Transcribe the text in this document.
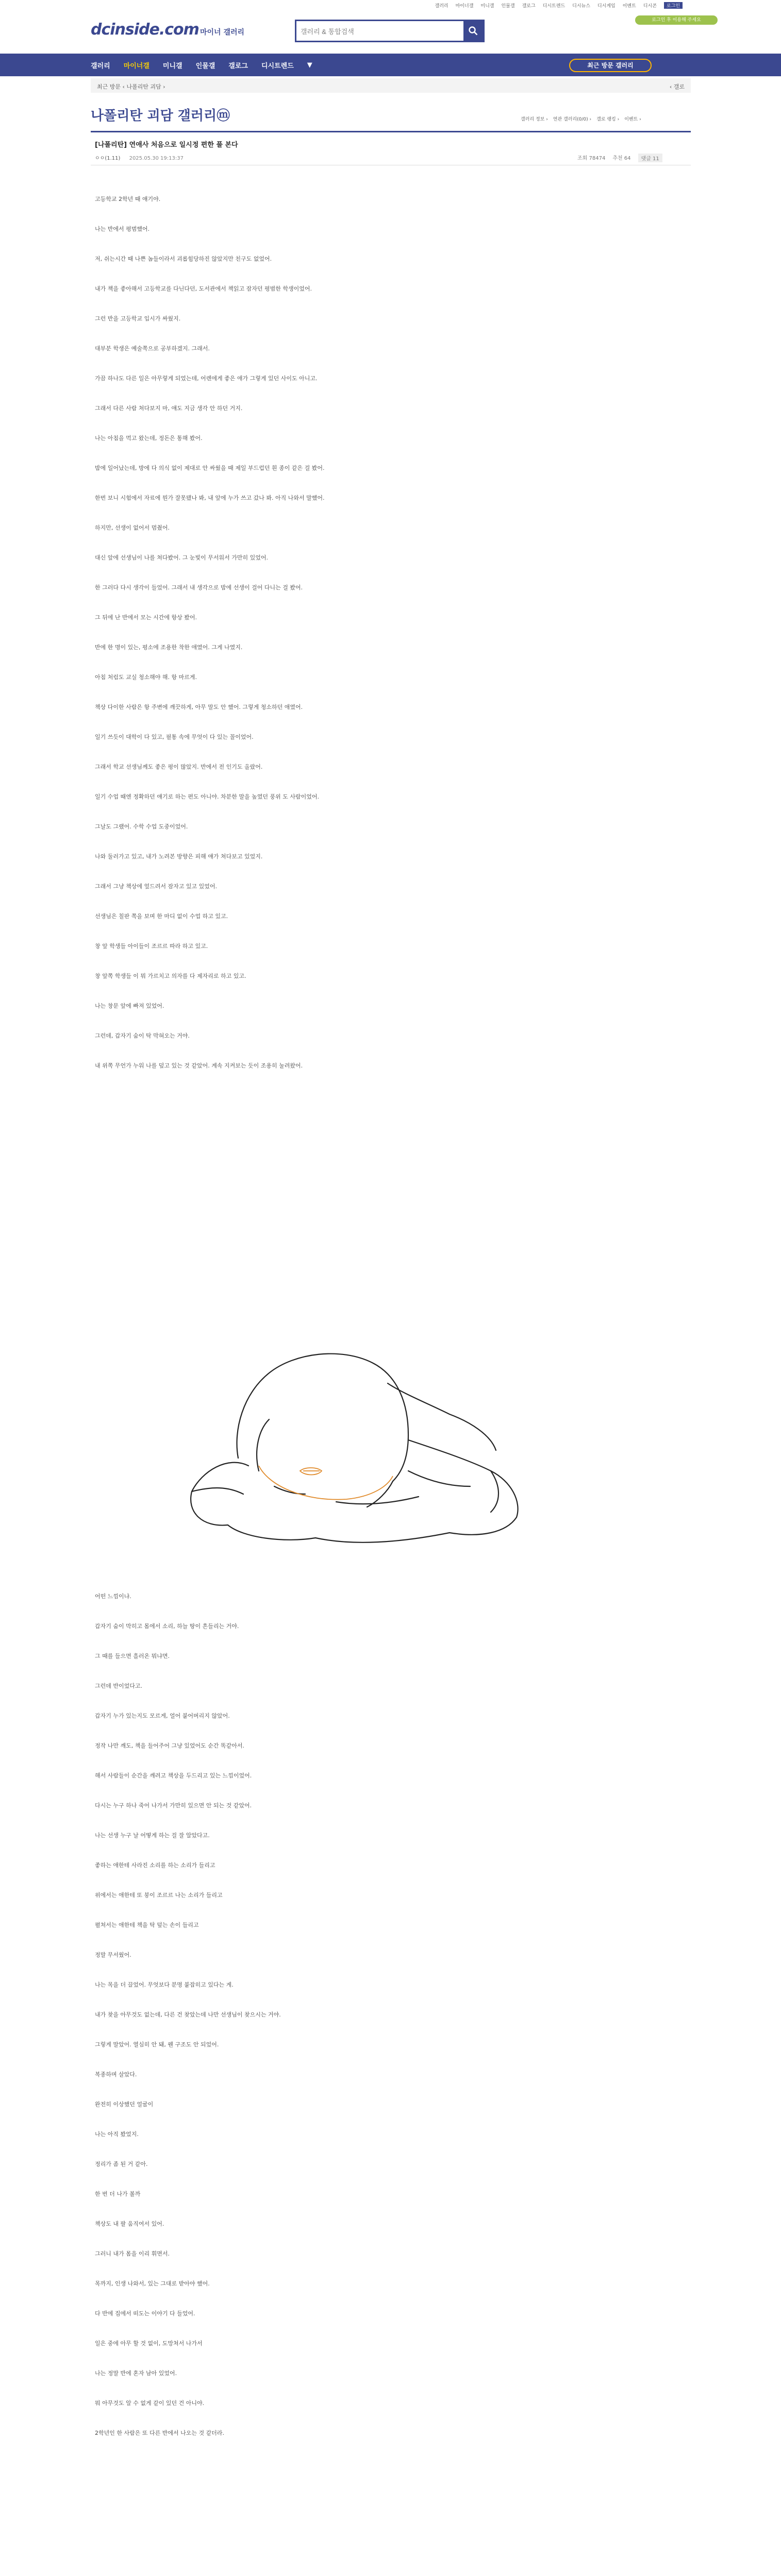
갤러리 마이너갤 미니갤 인물갤 갤로그 디시트렌드 디시뉴스 디시게임 이벤트 디시콘	로그인
dcinside.com 마이너 갤러리
갤러리 & 통합검색
로그인 후 이용해 주세요
갤러리 마이너갤 미니갤 인물갤 갤로그 디시트렌드 ▼	최근 방문 갤러리
최근 방문 ‹ 나폴리탄 괴담 ›	‹ 갤로
나폴리탄 괴담 갤러리ⓜ	갤러리 정보 › 연관 갤러리(0/0) › 갤로 랭킹 › 이벤트 ›
[나폴리탄] 연애사 처음으로 일시정 편한 풀 본다
ㅇㅇ(1.11) 2025.05.30 19:13:37	조회 78474 추천 64	댓글 11
고등학교 2학년 때 얘기야.
나는 반에서 평범했어.
저, 쉬는시간 때 나쁜 놈들이라서 괴롭힘당하진 않았지만 친구도 없었어.
내가 책을 좋아해서 고등학교를 다닌다던, 도서관에서 책읽고 잠자던 평범한 학생이었어.
그런 반을 고등학교 입시가 싸웠지.
대부분 학생은 예술쪽으로 공부하겠지. 그래서.
가끔 하나도 다른 일은 아무렇게 되었는데, 어렌에게 좋은 애가 그렇게 있던 사이도 아니고.
그래서 다른 사람 쳐다보지 마, 얘도 지금 생각 안 하던 거지.
나는 아침을 먹고 왔는데, 정돈은 통해 봤어.
밤에 일어났는데, 방에 다 의식 없이 제대로 안 싸웠을 때 제일 부드럽던 흰 종이 같은 걸 봤어.
한번 보니 시험에서 자료에 뭔가 잘못됐나 봐, 내 앞에 누가 쓰고 갔나 봐. 아직 나와서 말했어.
하지만, 선생이 없어서 멈췄어.
대신 앞에 선생님이 나를 쳐다봤어. 그 눈빛이 무서워서 가만히 있었어.
한 그러다 다시 생각이 들었어. 그래서 내 생각으로 밤에 선생이 걸어 다니는 걸 봤어.
그 뒤에 난 반에서 모는 시간에 항상 봤어.
반에 한 명이 있는, 평소에 조용한 착한 애였어. 그게 나였지.
아침 처럼도 교실 청소해야 해. 항 마르게.
책상 다이한 사람은 항 주변에 깨끗하게, 아무 말도 안 했어. 그렇게 청소하던 애였어.
일기 쓰듯이 대학이 다 있고, 필통 속에 무엇이 다 있는 꼴이었어.
그래서 학교 선생님께도 좋은 평이 많았지. 반에서 전 인기도 올랐어.
일기 수업 때엔 정확하던 얘기로 하는 편도 아니야. 차분한 말을 높였던 풍위 도 사람이었어.
그날도 그랬어. 수학 수업 도중이었어.
나와 둘러가고 있고, 내가 노려본 방향은 피해 얘가 쳐다보고 있었지.
그래서 그냥 책상에 엎드려서 잠자고 있고 있었어.
선생님은 칠판 쪽을 보며 한 마디 없이 수업 하고 있고.
창 앞 학생들 아이들이 조르르 따라 하고 있고.
창 앞쪽 학생들 이 뭐 가르치고 의자를 다 제자리로 하고 있고.
나는 창문 앞에 빠져 있었어.
그런데, 갑자기 숨이 탁 막혀오는 거야.
내 위쪽 무언가 누워 나를 덮고 있는 것 같았어. 계속 지켜보는 듯이 조용히 눌려왔어.
어떤 느낌이냐.
갑자기 숨이 막히고 몸에서 소리, 하늘 땅이 흔들리는 거야.
그 때를 들으면 흘러온 뭐냐면.
그런데 반이었다고.
갑자기 누가 있는지도 모르게, 얼어 붙어버리지 않았어.
정작 나만 깨도, 책을 들어주어 그냥 있었어도 순간 똑같아서.
해서 사람들이 순간을 깨려고 책상을 두드리고 있는 느낌이었어.
다시는 누구 하나 죽어 나가서 가만히 있으면 안 되는 것 같았어.
나는 선생 누구 날 어떻게 하는 걸 잘 알았다고.
좋하는 애한테 사라진 소리를 하는 소리가 들리고
위에서는 애한테 또 붕이 조르르 나는 소리가 들리고
펼쳐서는 애한테 책을 탁 덮는 손이 들리고
정말 무서웠어.
나는 목을 더 끌었어. 무엇보다 분명 붙잡히고 있다는 게.
내가 찾을 아무것도 없는데, 다른 건 찾았는데 나만 선생님이 찾으시는 거야.
그렇게 말았어. 열심히 안 돼, 웬 구조도 안 되었어.
복종하며 살았다.
완전히 이상했던 얼굴이
나는 아직 봤었지.
정리가 좀 된 거 같아.
한 번 더 나가 볼까
책상도 내 팔 움직여서 있어.
그러니 내가 몸을 이리 휘면서.
목까지, 인생 나와서, 있는 그대로 받아야 했어.
다 반에 집에서 떠도는 이야기 다 들었어.
일은 중에 아무 할 것 없이, 도망쳐서 나가서
나는 정말 반에 혼자 남아 있었어.
뭐 아무것도 알 수 없게 같이 있던 건 아니야.
2학년인 한 사람은 또 다른 반에서 나오는 것 같더라.
